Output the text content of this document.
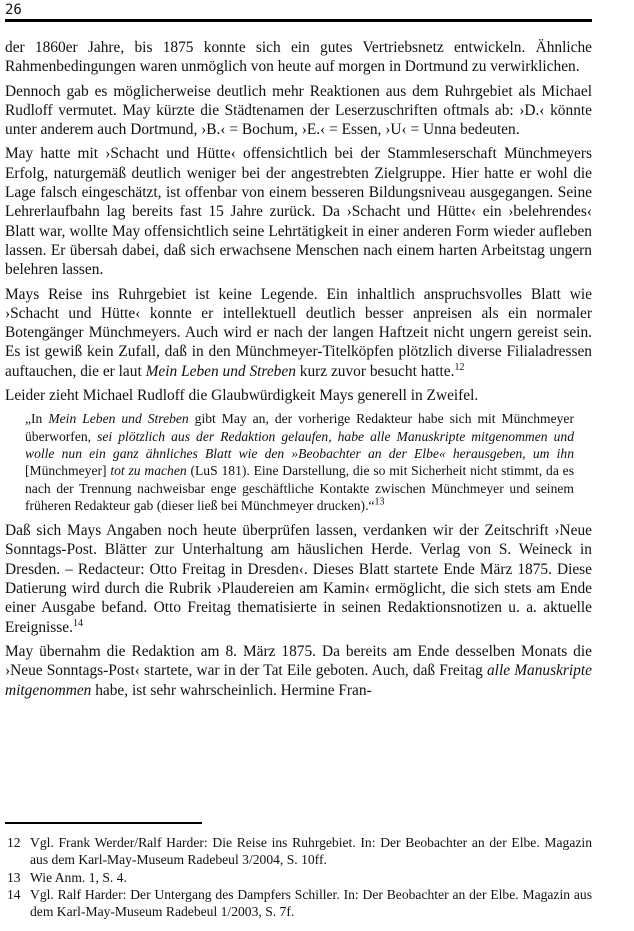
26

der 1860er Jahre, bis 1875 konnte sich ein gutes Vertriebsnetz entwickeln. Ähnliche Rahmenbedingungen waren unmöglich von heute auf morgen in Dortmund zu verwirklichen.

Dennoch gab es möglicherweise deutlich mehr Reaktionen aus dem Ruhrgebiet als Michael Rudloff vermutet. May kürzte die Städtenamen der Leserzuschriften oftmals ab: ›D.‹ könnte unter anderem auch Dortmund, ›B.‹ = Bochum, ›E.‹ = Essen, ›U‹ = Unna bedeuten.

May hatte mit ›Schacht und Hütte‹ offensichtlich bei der Stammleserschaft Münchmeyers Erfolg, naturgemäß deutlich weniger bei der angestrebten Zielgruppe. Hier hatte er wohl die Lage falsch eingeschätzt, ist offenbar von einem besseren Bildungsniveau ausgegangen. Seine Lehrerlaufbahn lag bereits fast 15 Jahre zurück. Da ›Schacht und Hütte‹ ein ›belehrendes‹ Blatt war, wollte May offensichtlich seine Lehrtätigkeit in einer anderen Form wieder aufleben lassen. Er übersah dabei, daß sich erwachsene Menschen nach einem harten Arbeitstag ungern belehren lassen.

Mays Reise ins Ruhrgebiet ist keine Legende. Ein inhaltlich anspruchsvolles Blatt wie ›Schacht und Hütte‹ konnte er intellektuell deutlich besser anpreisen als ein normaler Botengänger Münchmeyers. Auch wird er nach der langen Haftzeit nicht ungern gereist sein. Es ist gewiß kein Zufall, daß in den Münchmeyer-Titelköpfen plötzlich diverse Filialadressen auftauchen, die er laut Mein Leben und Streben kurz zuvor besucht hatte.$^{12}$

Leider zieht Michael Rudloff die Glaubwürdigkeit Mays generell in Zweifel.

„In Mein Leben und Streben gibt May an, der vorherige Redakteur habe sich mit Münchmeyer überworfen, sei plötzlich aus der Redaktion gelaufen, habe alle Manuskripte mitgenommen und wolle nun ein ganz ähnliches Blatt wie den »Beobachter an der Elbe« herausgeben, um ihn [Münchmeyer] tot zu machen (LuS 181). Eine Darstellung, die so mit Sicherheit nicht stimmt, da es nach der Trennung nachweisbar enge geschäftliche Kontakte zwischen Münchmeyer und seinem früheren Redakteur gab (dieser ließ bei Münchmeyer drucken).“$^{13}$

Daß sich Mays Angaben noch heute überprüfen lassen, verdanken wir der Zeitschrift ›Neue Sonntags-Post. Blätter zur Unterhaltung am häuslichen Herde. Verlag von S. Weineck in Dresden. – Redacteur: Otto Freitag in Dresden‹. Dieses Blatt startete Ende März 1875. Diese Datierung wird durch die Rubrik ›Plaudereien am Kamin‹ ermöglicht, die sich stets am Ende einer Ausgabe befand. Otto Freitag thematisierte in seinen Redaktionsnotizen u. a. aktuelle Ereignisse.$^{14}$

May übernahm die Redaktion am 8. März 1875. Da bereits am Ende desselben Monats die ›Neue Sonntags-Post‹ startete, war in der Tat Eile geboten. Auch, daß Freitag alle Manuskripte mitgenommen habe, ist sehr wahrscheinlich. Hermine Fran-

12 Vgl. Frank Werder/Ralf Harder: Die Reise ins Ruhrgebiet. In: Der Beobachter an der Elbe. Magazin aus dem Karl-May-Museum Radebeul 3/2004, S. 10ff.
13 Wie Anm. 1, S. 4.
14 Vgl. Ralf Harder: Der Untergang des Dampfers Schiller. In: Der Beobachter an der Elbe. Magazin aus dem Karl-May-Museum Radebeul 1/2003, S. 7f.
